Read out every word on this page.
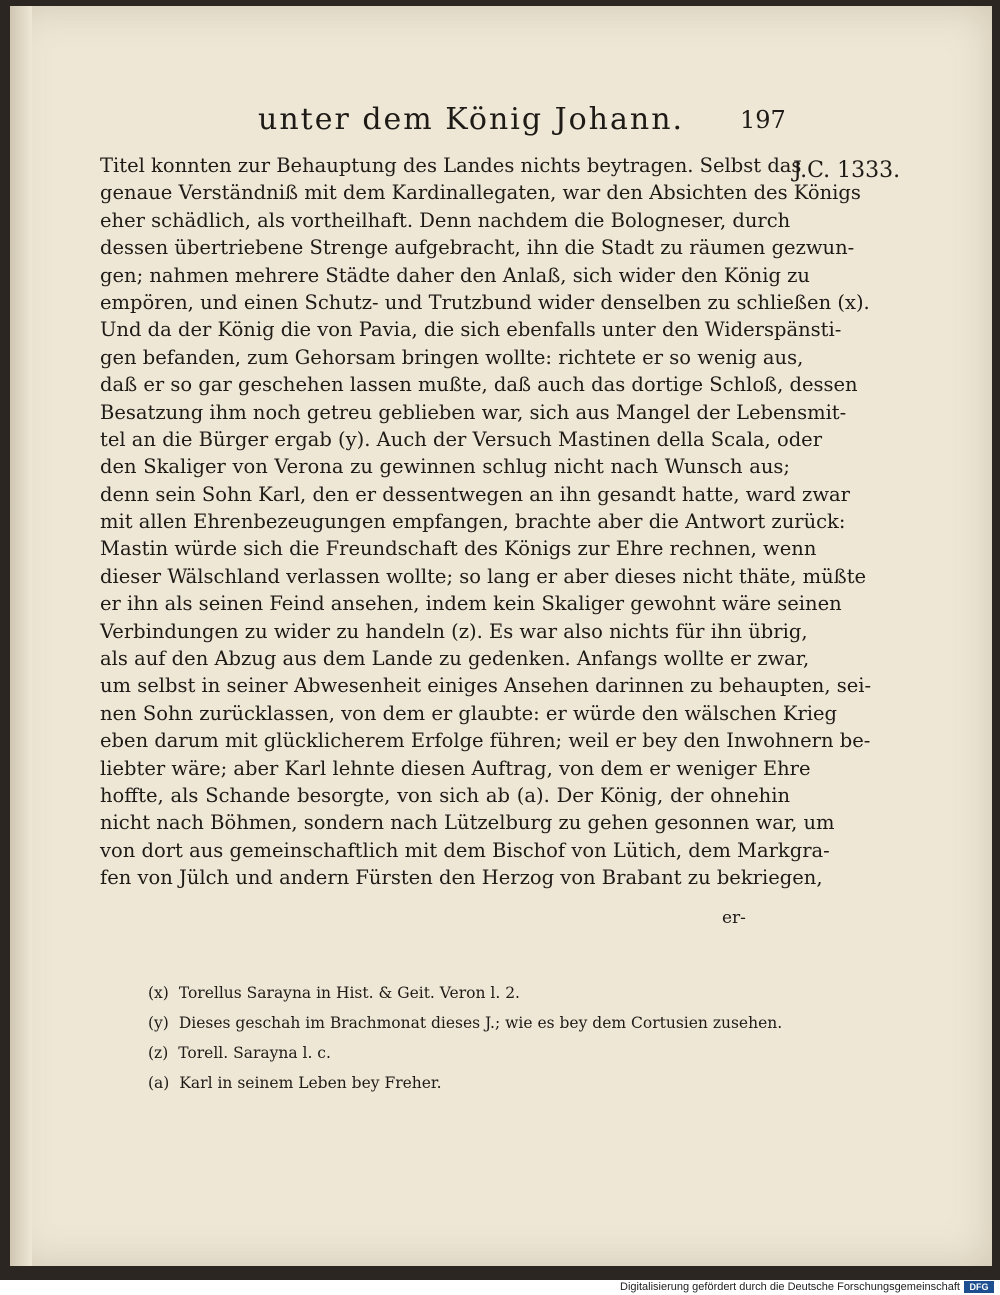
unter dem König Johann. 197
J.C. 1333.
Titel konnten zur Behauptung des Landes nichts beytragen. Selbst das
genaue Verständniß mit dem Kardinallegaten, war den Absichten des Königs
eher schädlich, als vortheilhaft. Denn nachdem die Bologneser, durch
dessen übertriebene Strenge aufgebracht, ihn die Stadt zu räumen gezwun-
gen; nahmen mehrere Städte daher den Anlaß, sich wider den König zu
empören, und einen Schutz- und Trutzbund wider denselben zu schließen (x).
Und da der König die von Pavia, die sich ebenfalls unter den Widerspänsti-
gen befanden, zum Gehorsam bringen wollte: richtete er so wenig aus,
daß er so gar geschehen lassen mußte, daß auch das dortige Schloß, dessen
Besatzung ihm noch getreu geblieben war, sich aus Mangel der Lebensmit-
tel an die Bürger ergab (y). Auch der Versuch Mastinen della Scala, oder
den Skaliger von Verona zu gewinnen schlug nicht nach Wunsch aus;
denn sein Sohn Karl, den er dessentwegen an ihn gesandt hatte, ward zwar
mit allen Ehrenbezeugungen empfangen, brachte aber die Antwort zurück:
Mastin würde sich die Freundschaft des Königs zur Ehre rechnen, wenn
dieser Wälschland verlassen wollte; so lang er aber dieses nicht thäte, müßte
er ihn als seinen Feind ansehen, indem kein Skaliger gewohnt wäre seinen
Verbindungen zu wider zu handeln (z). Es war also nichts für ihn übrig,
als auf den Abzug aus dem Lande zu gedenken. Anfangs wollte er zwar,
um selbst in seiner Abwesenheit einiges Ansehen darinnen zu behaupten, sei-
nen Sohn zurücklassen, von dem er glaubte: er würde den wälschen Krieg
eben darum mit glücklicherem Erfolge führen; weil er bey den Inwohnern be-
liebter wäre; aber Karl lehnte diesen Auftrag, von dem er weniger Ehre
hoffte, als Schande besorgte, von sich ab (a). Der König, der ohnehin
nicht nach Böhmen, sondern nach Lützelburg zu gehen gesonnen war, um
von dort aus gemeinschaftlich mit dem Bischof von Lütich, dem Markgra-
fen von Jülch und andern Fürsten den Herzog von Brabant zu bekriegen,
er-
(x) Torellus Sarayna in Hist. & Geit. Veron l. 2.
(y) Dieses geschah im Brachmonat dieses J.; wie es bey dem Cortusien zusehen.
(z) Torell. Sarayna l. c.
(a) Karl in seinem Leben bey Freher.
Digitalisierung gefördert durch die Deutsche Forschungsgemeinschaft	DFG
